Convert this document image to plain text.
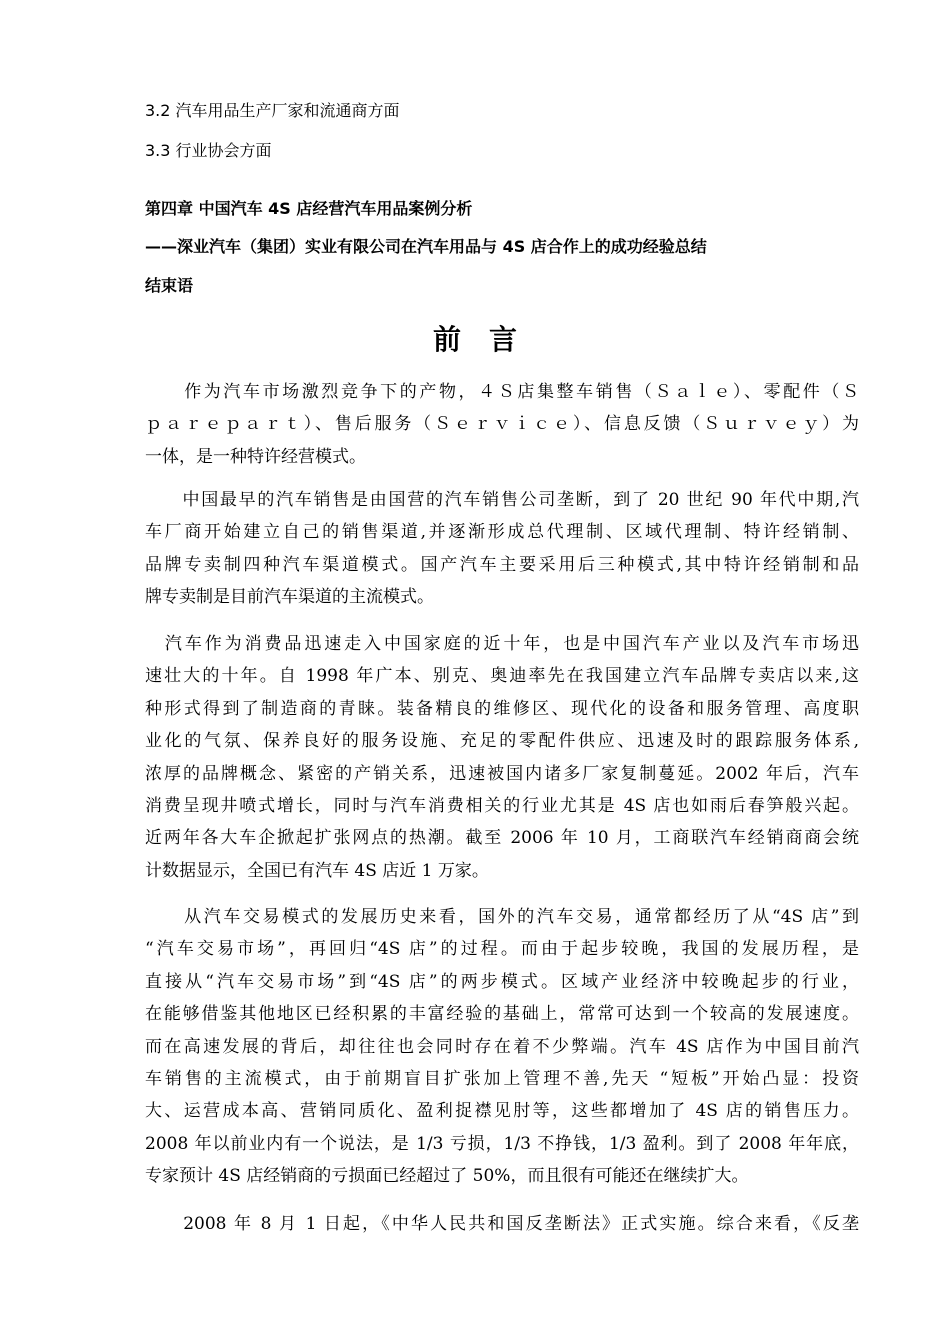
3.2 汽车用品生产厂家和流通商方面
3.3 行业协会方面
第四章 中国汽车 4S 店经营汽车用品案例分析
——深业汽车（集团）实业有限公司在汽车用品与 4S 店合作上的成功经验总结
结束语
前言
　　作为汽车市场激烈竞争下的产物，４Ｓ店集整车销售（Ｓａｌｅ）、零配件（Ｓ
ｐａｒｅｐａｒｔ）、售后服务（Ｓｅｒｖｉｃｅ）、信息反馈（Ｓｕｒｖｅｙ）为
一体，是一种特许经营模式。
　　中国最早的汽车销售是由国营的汽车销售公司垄断，到了 20 世纪 90 年代中期,汽
车厂商开始建立自己的销售渠道,并逐渐形成总代理制、区域代理制、特许经销制、
品牌专卖制四种汽车渠道模式。国产汽车主要采用后三种模式,其中特许经销制和品
牌专卖制是目前汽车渠道的主流模式。
　汽车作为消费品迅速走入中国家庭的近十年，也是中国汽车产业以及汽车市场迅
速壮大的十年。自 1998 年广本、别克、奥迪率先在我国建立汽车品牌专卖店以来,这
种形式得到了制造商的青睐。装备精良的维修区、现代化的设备和服务管理、高度职
业化的气氛、保养良好的服务设施、充足的零配件供应、迅速及时的跟踪服务体系,
浓厚的品牌概念、紧密的产销关系，迅速被国内诸多厂家复制蔓延。2002 年后，汽车
消费呈现井喷式增长，同时与汽车消费相关的行业尤其是 4S 店也如雨后春笋般兴起。
近两年各大车企掀起扩张网点的热潮。截至 2006 年 10 月，工商联汽车经销商商会统
计数据显示，全国已有汽车 4S 店近 1 万家。
　　从汽车交易模式的发展历史来看，国外的汽车交易，通常都经历了从“4S 店”到
“汽车交易市场”，再回归“4S 店”的过程。而由于起步较晚，我国的发展历程，是
直接从“汽车交易市场”到“4S 店”的两步模式。区域产业经济中较晚起步的行业，
在能够借鉴其他地区已经积累的丰富经验的基础上，常常可达到一个较高的发展速度。
而在高速发展的背后，却往往也会同时存在着不少弊端。汽车 4S 店作为中国目前汽
车销售的主流模式，由于前期盲目扩张加上管理不善,先天 “短板”开始凸显：投资
大、运营成本高、营销同质化、盈利捉襟见肘等，这些都增加了 4S 店的销售压力。
2008 年以前业内有一个说法，是 1/3 亏损，1/3 不挣钱，1/3 盈利。到了 2008 年年底，
专家预计 4S 店经销商的亏损面已经超过了 50%，而且很有可能还在继续扩大。
　　2008 年 8 月 1 日起，《中华人民共和国反垄断法》正式实施。综合来看，《反垄
